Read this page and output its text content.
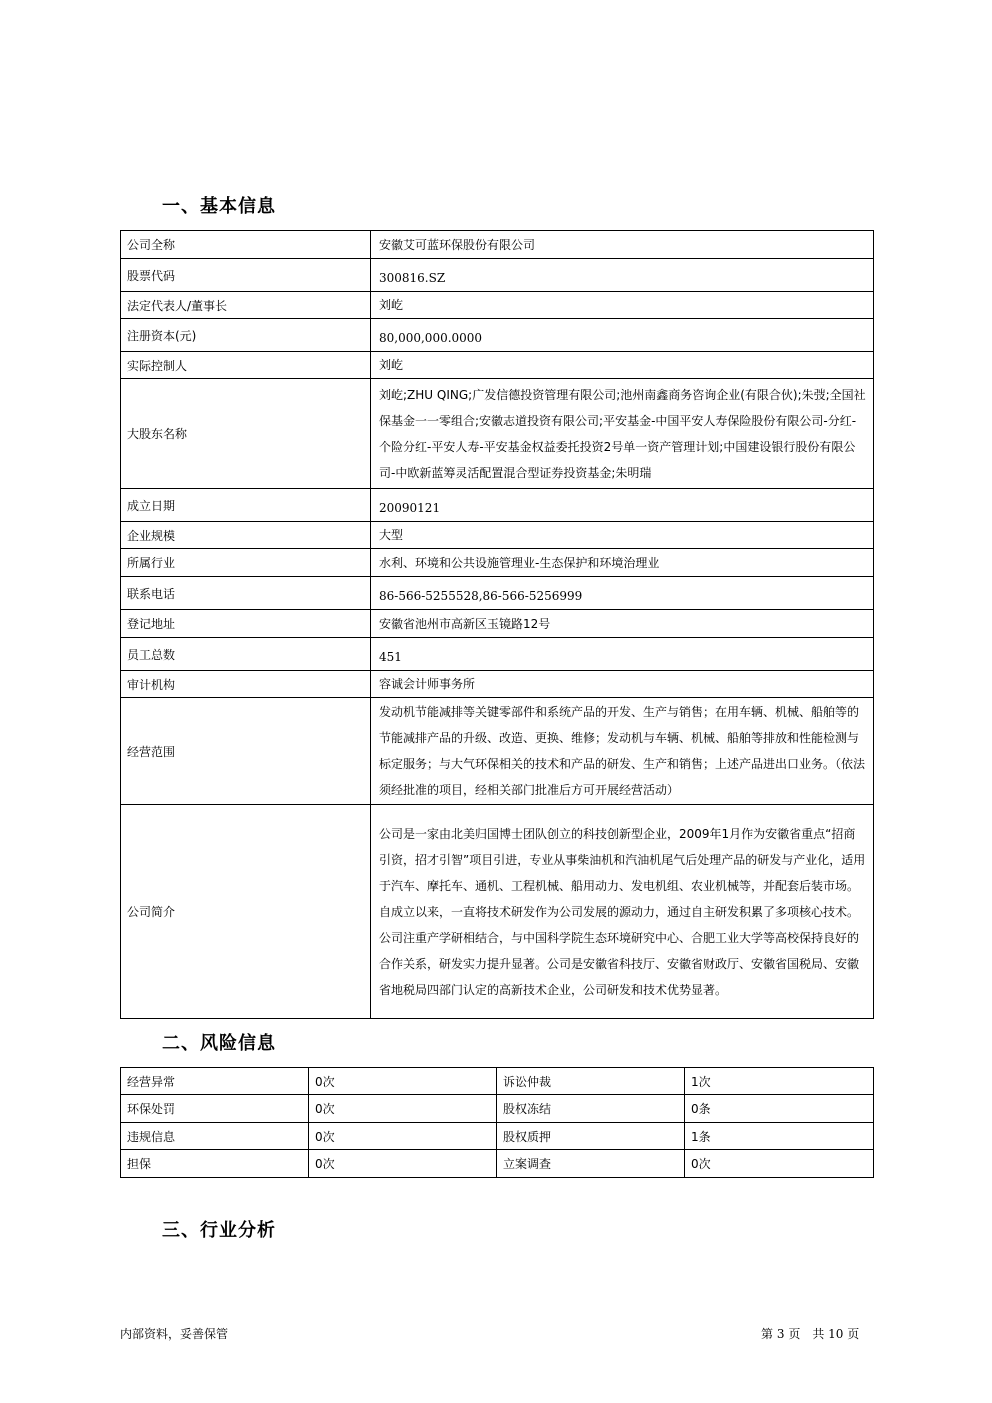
一、基本信息
公司全称	安徽艾可蓝环保股份有限公司
股票代码	300816.SZ
法定代表人/董事长	刘屹
注册资本(元)	80,000,000.0000
实际控制人	刘屹
大股东名称	刘屹;ZHU QING;广发信德投资管理有限公司;池州南鑫商务咨询企业(有限合伙);朱弢;全国社保基金一一零组合;安徽志道投资有限公司;平安基金-中国平安人寿保险股份有限公司-分红-个险分红-平安人寿-平安基金权益委托投资2号单一资产管理计划;中国建设银行股份有限公司-中欧新蓝筹灵活配置混合型证券投资基金;朱明瑞
成立日期	20090121
企业规模	大型
所属行业	水利、环境和公共设施管理业-生态保护和环境治理业
联系电话	86-566-5255528,86-566-5256999
登记地址	安徽省池州市高新区玉镜路12号
员工总数	451
审计机构	容诚会计师事务所
经营范围	发动机节能减排等关键零部件和系统产品的开发、生产与销售；在用车辆、机械、船舶等的节能减排产品的升级、改造、更换、维修；发动机与车辆、机械、船舶等排放和性能检测与标定服务；与大气环保相关的技术和产品的研发、生产和销售；上述产品进出口业务。（依法须经批准的项目，经相关部门批准后方可开展经营活动）
公司简介	公司是一家由北美归国博士团队创立的科技创新型企业，2009年1月作为安徽省重点“招商引资，招才引智”项目引进，专业从事柴油机和汽油机尾气后处理产品的研发与产业化，适用于汽车、摩托车、通机、工程机械、船用动力、发电机组、农业机械等，并配套后装市场。自成立以来，一直将技术研发作为公司发展的源动力，通过自主研发积累了多项核心技术。公司注重产学研相结合，与中国科学院生态环境研究中心、合肥工业大学等高校保持良好的合作关系，研发实力提升显著。公司是安徽省科技厅、安徽省财政厅、安徽省国税局、安徽省地税局四部门认定的高新技术企业，公司研发和技术优势显著。
二、风险信息
经营异常	0次	诉讼仲裁	1次
环保处罚	0次	股权冻结	0条
违规信息	0次	股权质押	1条
担保	0次	立案调查	0次
三、行业分析
内部资料，妥善保管	第 3 页　共 10 页
